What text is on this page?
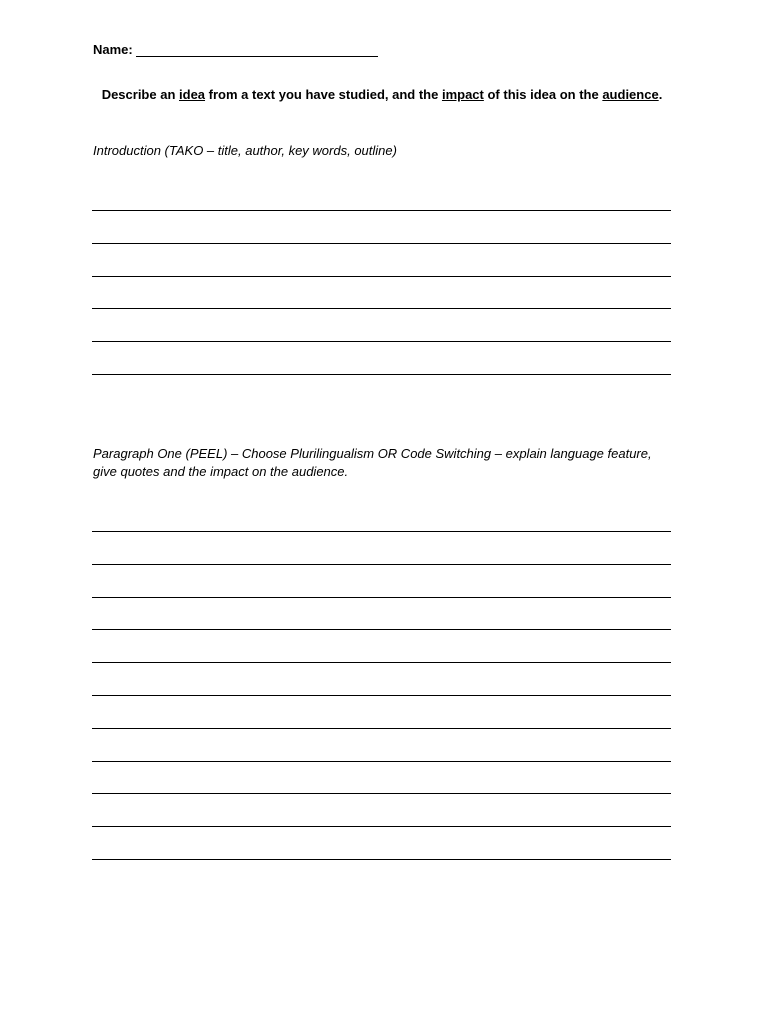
Name:
Describe an idea from a text you have studied, and the impact of this idea on the audience.
Introduction (TAKO – title, author, key words, outline)
Paragraph One (PEEL) – Choose Plurilingualism OR Code Switching – explain language feature, give quotes and the impact on the audience.
